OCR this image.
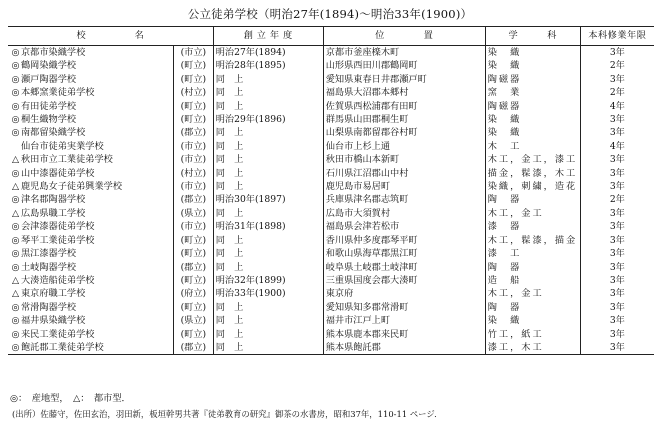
公立徒弟学校（明治27年(1894)～明治33年(1900)）
校　　　　　名		創 立 年 度	位　　　　置	学　　　科	本科修業年限
◎京都市染織学校	(市立)	明治27年(1894)	京都市釜座檪木町	染　織	3年
◎鶴岡染織学校	(町立)	明治28年(1895)	山形県西田川郡鶴岡町	染　織	2年
◎瀬戸陶器学校	(町立)	同　上	愛知県東春日井郡瀬戸町	陶磁器	3年
◎本郷窯業徒弟学校	(村立)	同　上	福島県大沼郡本郷村	窯　業	2年
◎有田徒弟学校	(町立)	同　上	佐賀県西松浦郡有田町	陶磁器	4年
◎桐生織物学校	(町立)	明治29年(1896)	群馬県山田郡桐生町	染　織	3年
◎南都留染織学校	(郡立)	同　上	山梨県南都留郡谷村町	染　織	3年
仙台市徒弟実業学校	(市立)	同　上	仙台市上杉上通	木　工	4年
△ 秋田市立工業徒弟学校	(市立)	同　上	秋田市橋山本新町	木工，金工，漆工	3年
◎山中漆器徒弟学校	(村立)	同　上	石川県江沼郡山中村	描金，髹漆，木工	3年
△ 鹿児島女子徒弟興業学校	(市立)	同　上	鹿児島市易居町	染織，刺繍，造花	3年
◎津名郡陶器学校	(郡立)	明治30年(1897)	兵庫県津名郡志筑町	陶　器	2年
△ 広島県職工学校	(県立)	同　上	広島市大須賀村	木工，金工	3年
◎会津漆器徒弟学校	(市立)	明治31年(1898)	福島県会津若松市	漆　器	3年
◎琴平工業徒弟学校	(町立)	同　上	香川県仲多度郡琴平町	木工，髹漆，描金	3年
◎黒江漆器学校	(町立)	同　上	和歌山県海草郡黒江町	漆　工	3年
◎土岐陶器学校	(郡立)	同　上	岐阜県土岐郡土岐津町	陶　器	3年
△ 大湊造船徒弟学校	(町立)	明治32年(1899)	三重県国度会郡大湊町	造　船	3年
△ 東京府職工学校	(府立)	明治33年(1900)	東京府	木工，金工	3年
◎常滑陶器学校	(町立)	同　上	愛知県知多郡常滑町	陶　器	3年
◎福井県染織学校	(県立)	同　上	福井市江戸上町	染　織	3年
◎来民工業徒弟学校	(町立)	同　上	熊本県鹿本郡来民町	竹工，紙工	3年
◎飽託郡工業徒弟学校	(郡立)	同　上	熊本県飽託郡	漆工，木工	3年
◎：　産地型，　△：　都市型．
(出所）佐藤守，佐田玄治，羽田新，板垣幹男共著『徒弟教育の研究』御茶の水書房，昭和37年，110-11 ページ．
